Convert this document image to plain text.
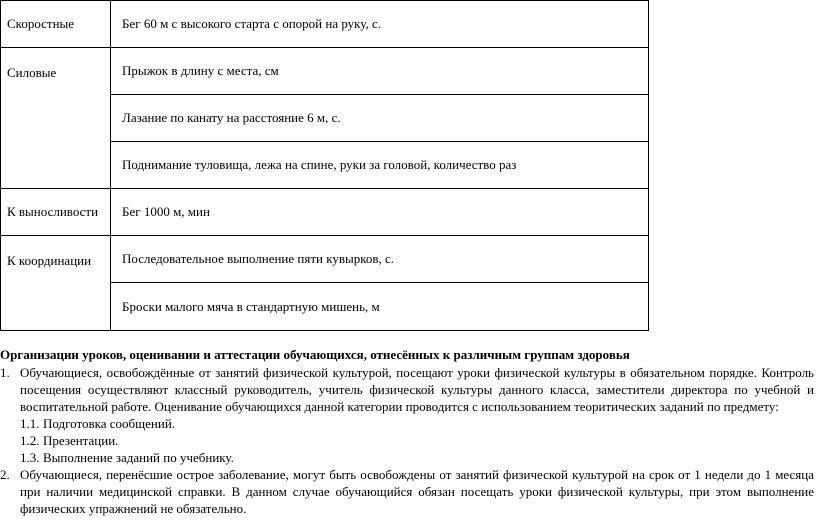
Скоростные	Бег 60 м с высокого старта с опорой на руку, с.
Силовые	Прыжок в длину с места, см
	Лазание по канату на расстояние 6 м, с.
	Поднимание туловища, лежа на спине, руки за головой, количество раз
К выносливости	Бег 1000 м, мин
К координации	Последовательное выполнение пяти кувырков, с.
	Броски малого мяча в стандартную мишень, м
Организации уроков, оценивании и аттестации обучающихся, отнесённых к различным группам здоровья
1. Обучающиеся, освобождённые от занятий физической культурой, посещают уроки физической культуры в обязательном порядке. Контроль посещения осуществляют классный руководитель, учитель физической культуры данного класса, заместители директора по учебной и воспитательной работе. Оценивание обучающихся данной категории проводится с использованием теоритических заданий по предмету:
1.1. Подготовка сообщений.
1.2. Презентации.
1.3. Выполнение заданий по учебнику.
2. Обучающиеся, перенёсшие острое заболевание, могут быть освобождены от занятий физической культурой на срок от 1 недели до 1 месяца при наличии медицинской справки. В данном случае обучающийся обязан посещать уроки физической культуры, при этом выполнение физических упражнений не обязательно.
